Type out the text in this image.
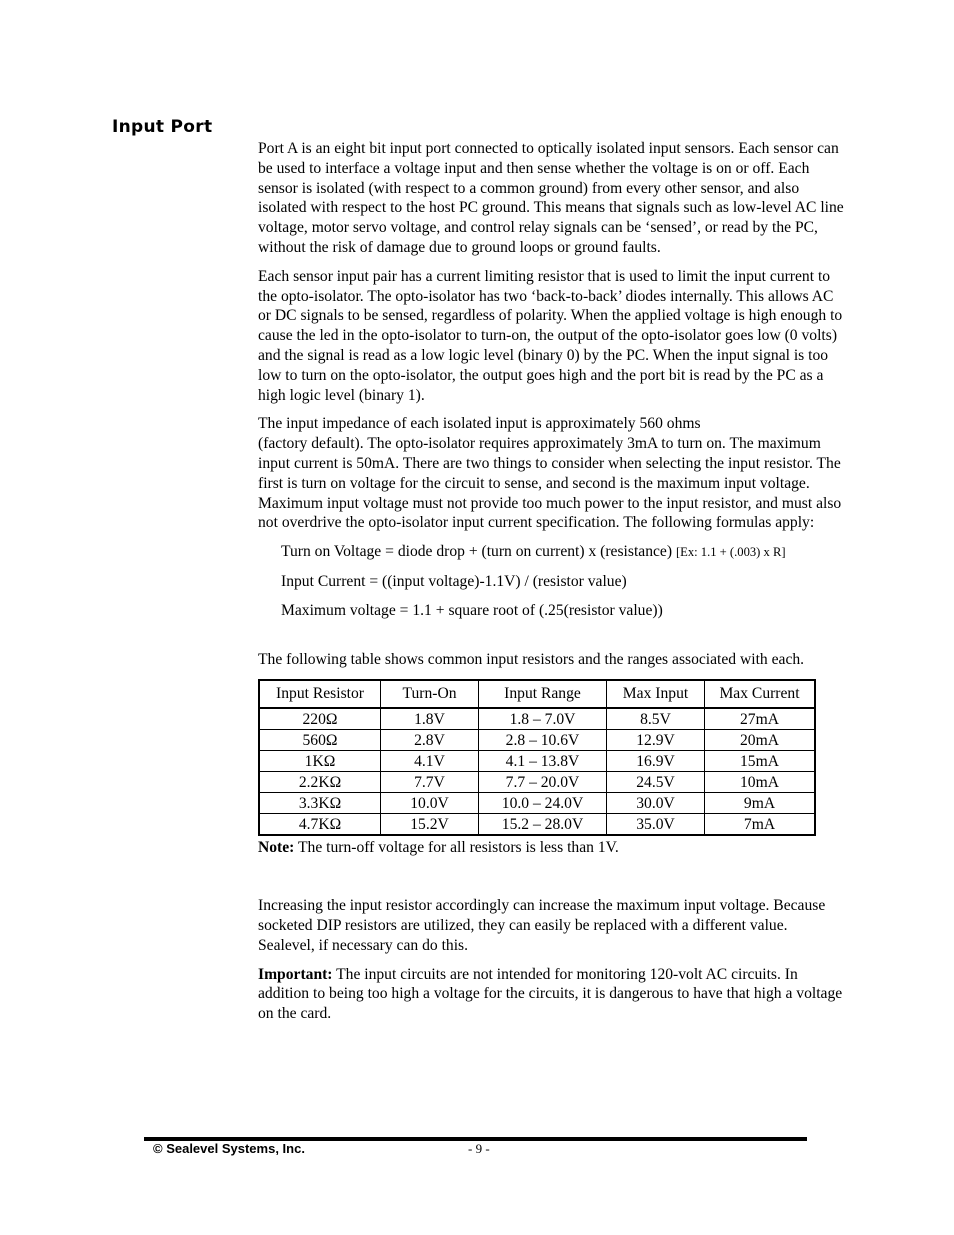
Input Port

Port A is an eight bit input port connected to optically isolated input sensors. Each sensor can be used to interface a voltage input and then sense whether the voltage is on or off. Each sensor is isolated (with respect to a common ground) from every other sensor, and also isolated with respect to the host PC ground. This means that signals such as low-level AC line voltage, motor servo voltage, and control relay signals can be ‘sensed’, or read by the PC, without the risk of damage due to ground loops or ground faults.

Each sensor input pair has a current limiting resistor that is used to limit the input current to the opto-isolator. The opto-isolator has two ‘back-to-back’ diodes internally. This allows AC or DC signals to be sensed, regardless of polarity. When the applied voltage is high enough to cause the led in the opto-isolator to turn-on, the output of the opto-isolator goes low (0 volts) and the signal is read as a low logic level (binary 0) by the PC. When the input signal is too low to turn on the opto-isolator, the output goes high and the port bit is read by the PC as a high logic level (binary 1).

The input impedance of each isolated input is approximately 560 ohms
(factory default). The opto-isolator requires approximately 3mA to turn on. The maximum input current is 50mA. There are two things to consider when selecting the input resistor. The first is turn on voltage for the circuit to sense, and second is the maximum input voltage. Maximum input voltage must not provide too much power to the input resistor, and must also not overdrive the opto-isolator input current specification. The following formulas apply:

Turn on Voltage = diode drop + (turn on current) x (resistance) [Ex: 1.1 + (.003) x R]

Input Current = ((input voltage)-1.1V) / (resistor value)

Maximum voltage = 1.1 + square root of (.25(resistor value))

The following table shows common input resistors and the ranges associated with each.

Input Resistor	Turn-On	Input Range	Max Input	Max Current
220Ω	1.8V	1.8 – 7.0V	8.5V	27mA
560Ω	2.8V	2.8 – 10.6V	12.9V	20mA
1KΩ	4.1V	4.1 – 13.8V	16.9V	15mA
2.2KΩ	7.7V	7.7 – 20.0V	24.5V	10mA
3.3KΩ	10.0V	10.0 – 24.0V	30.0V	9mA
4.7KΩ	15.2V	15.2 – 28.0V	35.0V	7mA

Note: The turn-off voltage for all resistors is less than 1V.

Increasing the input resistor accordingly can increase the maximum input voltage. Because socketed DIP resistors are utilized, they can easily be replaced with a different value. Sealevel, if necessary can do this.

Important: The input circuits are not intended for monitoring 120-volt AC circuits. In addition to being too high a voltage for the circuits, it is dangerous to have that high a voltage on the card.

© Sealevel Systems, Inc.	- 9 -
